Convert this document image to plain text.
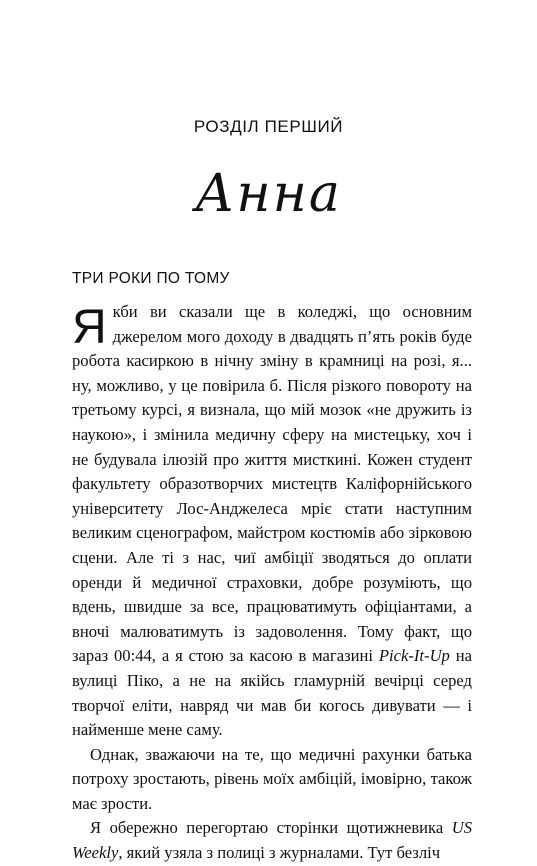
РОЗДІЛ ПЕРШИЙ
Анна
ТРИ РОКИ ПО ТОМУ

Якби ви сказали ще в коледжі, що основним джерелом мого доходу в двадцять п’ять років буде робота касиркою в нічну зміну в крамниці на розі, я... ну, можливо, у це повірила б. Після різкого повороту на третьому курсі, я визнала, що мій мозок «не дружить із наукою», і змінила медичну сферу на мистецьку, хоч і не будувала ілюзій про життя мисткині. Кожен студент факультету образотворчих мистецтв Каліфорнійського університету Лос-Анджелеса мріє стати наступним великим сценографом, майстром костюмів або зірковою сцени. Але ті з нас, чиї амбіції зводяться до оплати оренди й медичної страховки, добре розуміють, що вдень, швидше за все, працюватимуть офіціантами, а вночі малюватимуть із задоволення. Тому факт, що зараз 00:44, а я стою за касою в магазині Pick-It-Up на вулиці Піко, а не на якійсь гламурній вечірці серед творчої еліти, навряд чи мав би когось дивувати — і найменше мене саму.

Однак, зважаючи на те, що медичні рахунки батька потроху зростають, рівень моїх амбіцій, імовірно, також має зрости.

Я обережно перегортаю сторінки щотижневика US Weekly, який узяла з полиці з журналами. Тут безліч
